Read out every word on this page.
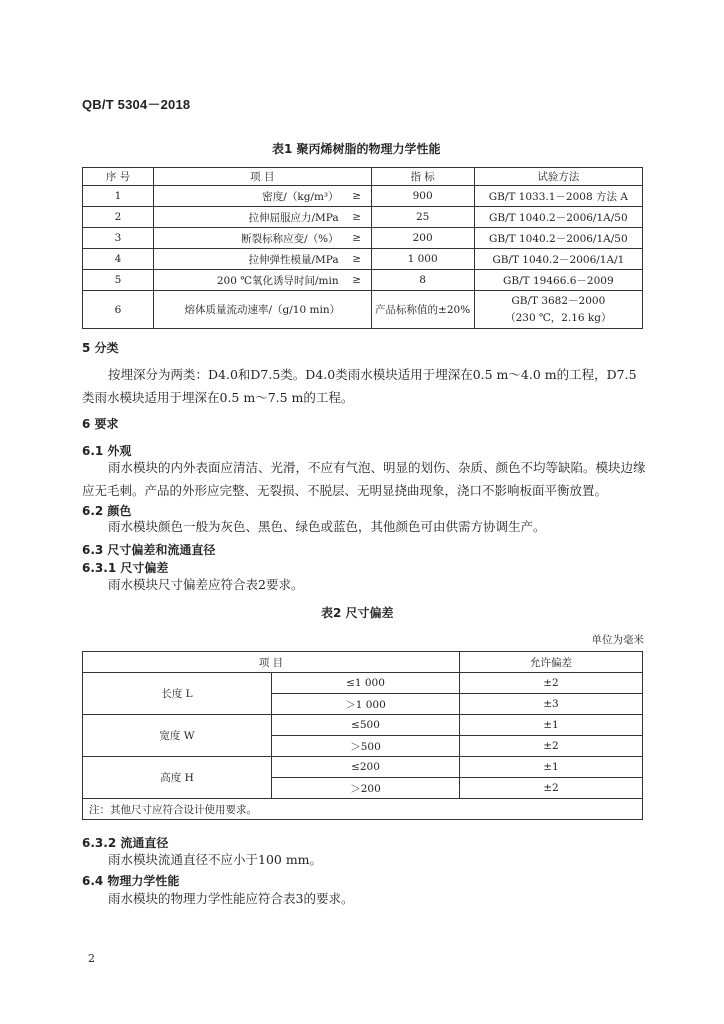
QB/T 5304－2018
表1 聚丙烯树脂的物理力学性能
序 号	项 目		指 标	试验方法
1	密度/（kg/m³）	≥	900	GB/T 1033.1－2008 方法 A
2	拉伸屈服应力/MPa	≥	25	GB/T 1040.2－2006/1A/50
3	断裂标称应变/（%）	≥	200	GB/T 1040.2－2006/1A/50
4	拉伸弹性模量/MPa	≥	1 000	GB/T 1040.2－2006/1A/1
5	200 ℃氧化诱导时间/min	≥	8	GB/T 19466.6－2009
6	熔体质量流动速率/（g/10 min）		产品标称值的±20%	GB/T 3682－2000
（230 ℃，2.16 kg）
5 分类
按埋深分为两类：D4.0和D7.5类。D4.0类雨水模块适用于埋深在0.5 m～4.0 m的工程，D7.5类雨水模块适用于埋深在0.5 m～7.5 m的工程。
6 要求
6.1 外观
雨水模块的内外表面应清洁、光滑，不应有气泡、明显的划伤、杂质、颜色不均等缺陷。模块边缘应无毛刺。产品的外形应完整、无裂损、不脱层、无明显挠曲现象，浇口不影响板面平衡放置。
6.2 颜色
雨水模块颜色一般为灰色、黑色、绿色或蓝色，其他颜色可由供需方协调生产。
6.3 尺寸偏差和流通直径
6.3.1 尺寸偏差
雨水模块尺寸偏差应符合表2要求。
表2 尺寸偏差
单位为毫米
项 目		允许偏差
长度 L	≤1 000	±2
	＞1 000	±3
宽度 W	≤500	±1
	＞500	±2
高度 H	≤200	±1
	＞200	±2
注：其他尺寸应符合设计使用要求。		
6.3.2 流通直径
雨水模块流通直径不应小于100 mm。
6.4 物理力学性能
雨水模块的物理力学性能应符合表3的要求。
2
